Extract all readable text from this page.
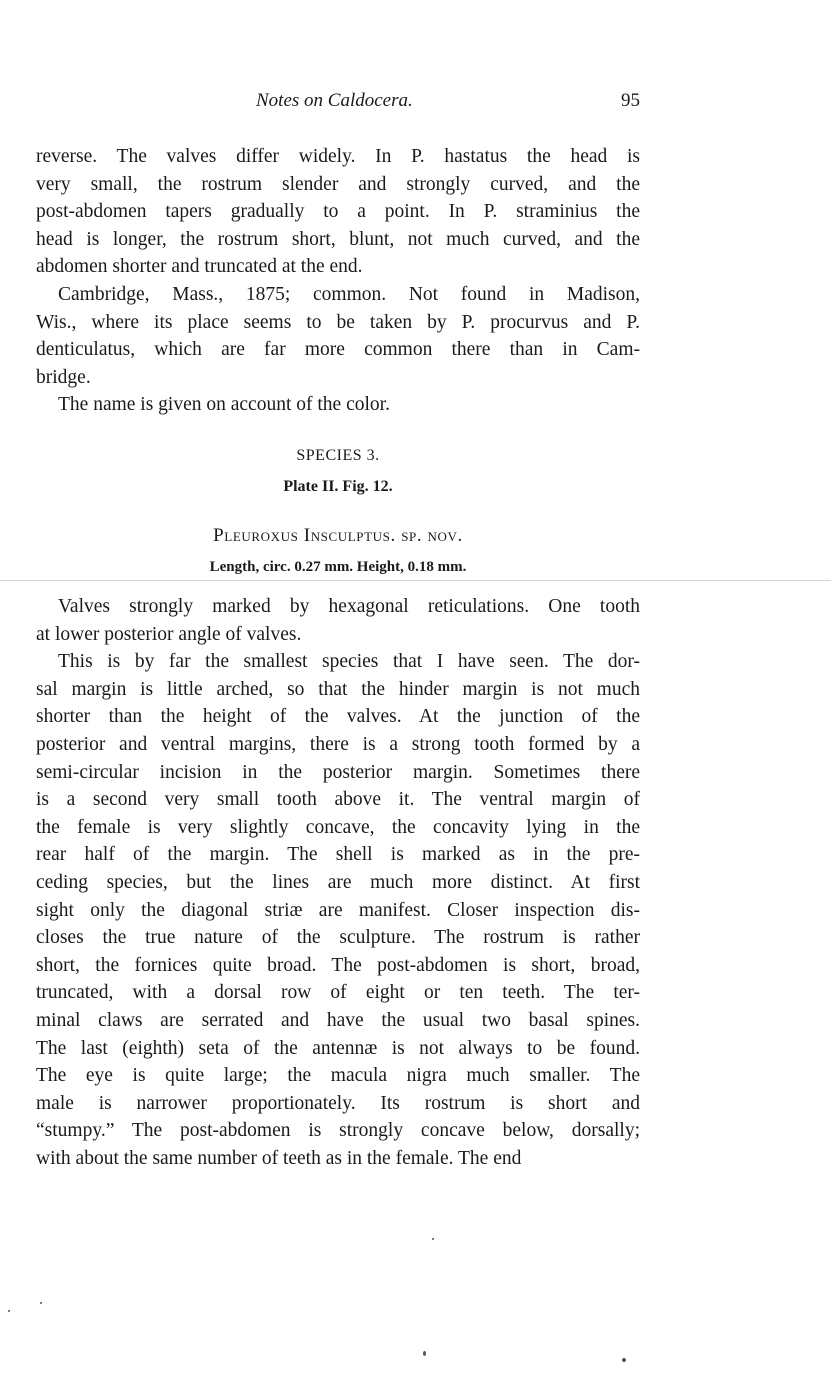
Notes on Caldocera.	95
reverse. The valves differ widely. In P. hastatus the head is
very small, the rostrum slender and strongly curved, and the
post-abdomen tapers gradually to a point. In P. straminius the
head is longer, the rostrum short, blunt, not much curved, and the
abdomen shorter and truncated at the end.
Cambridge, Mass., 1875; common. Not found in Madison,
Wis., where its place seems to be taken by P. procurvus and P.
denticulatus, which are far more common there than in Cam-
bridge.
The name is given on account of the color.
SPECIES 3.
Plate II. Fig. 12.
Pleuroxus Insculptus. sp. nov.
Length, circ. 0.27 mm. Height, 0.18 mm.
Valves strongly marked by hexagonal reticulations. One tooth
at lower posterior angle of valves.
This is by far the smallest species that I have seen. The dor-
sal margin is little arched, so that the hinder margin is not much
shorter than the height of the valves. At the junction of the
posterior and ventral margins, there is a strong tooth formed by a
semi-circular incision in the posterior margin. Sometimes there
is a second very small tooth above it. The ventral margin of
the female is very slightly concave, the concavity lying in the
rear half of the margin. The shell is marked as in the pre-
ceding species, but the lines are much more distinct. At first
sight only the diagonal striæ are manifest. Closer inspection dis-
closes the true nature of the sculpture. The rostrum is rather
short, the fornices quite broad. The post-abdomen is short, broad,
truncated, with a dorsal row of eight or ten teeth. The ter-
minal claws are serrated and have the usual two basal spines.
The last (eighth) seta of the antennæ is not always to be found.
The eye is quite large; the macula nigra much smaller. The
male is narrower proportionately. Its rostrum is short and
“stumpy.” The post-abdomen is strongly concave below, dorsally;
with about the same number of teeth as in the female. The end
